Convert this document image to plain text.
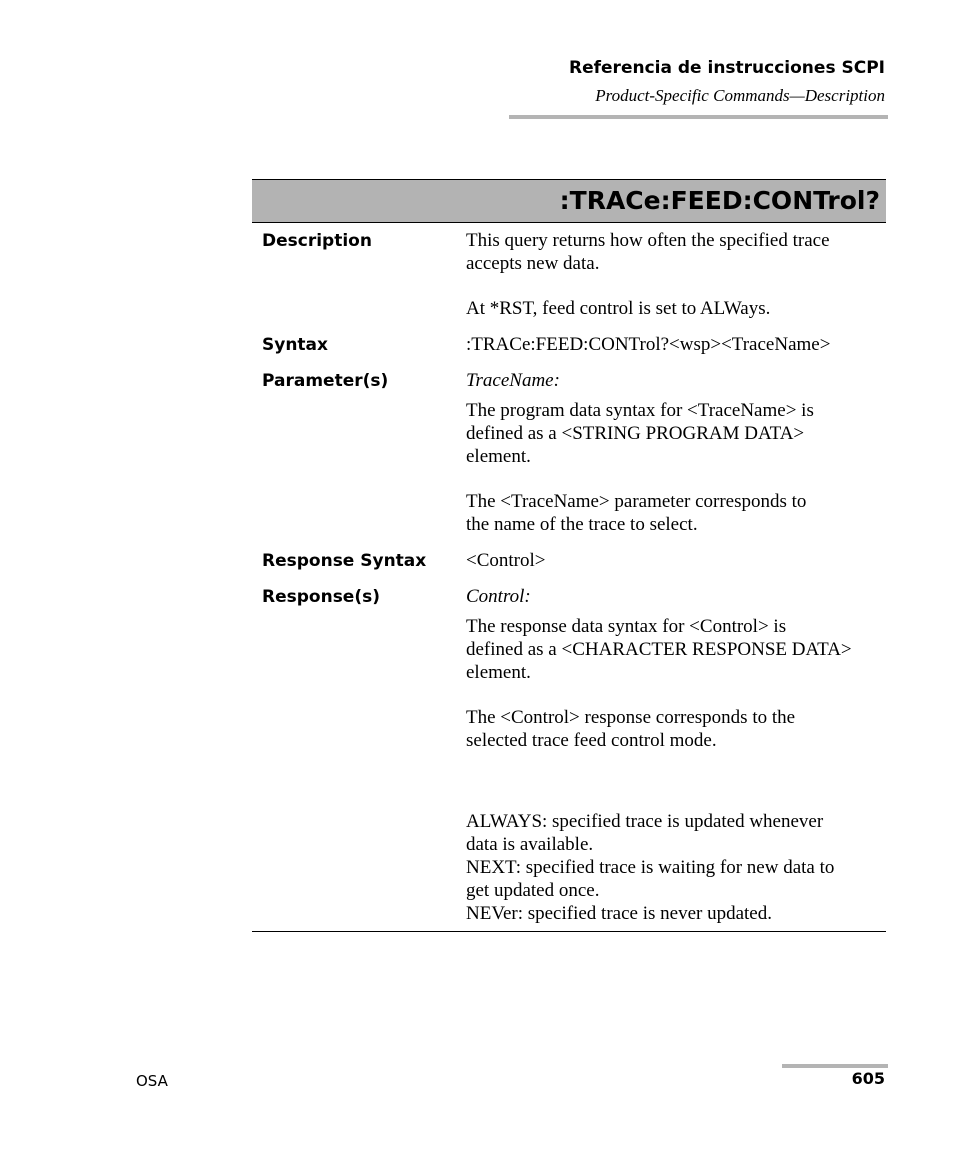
Referencia de instrucciones SCPI
Product-Specific Commands—Description
:TRACe:FEED:CONTrol?
Description	This query returns how often the specified trace
accepts new data.
At *RST, feed control is set to ALWays.
Syntax	:TRACe:FEED:CONTrol?<wsp><TraceName>
Parameter(s)	TraceName:
The program data syntax for <TraceName> is
defined as a <STRING PROGRAM DATA>
element.
The <TraceName> parameter corresponds to
the name of the trace to select.
Response Syntax <Control>
Response(s)	Control:
The response data syntax for <Control> is
defined as a <CHARACTER RESPONSE DATA>
element.
The <Control> response corresponds to the
selected trace feed control mode.
ALWAYS: specified trace is updated whenever
data is available.
NEXT: specified trace is waiting for new data to
get updated once.
NEVer: specified trace is never updated.
OSA	605
